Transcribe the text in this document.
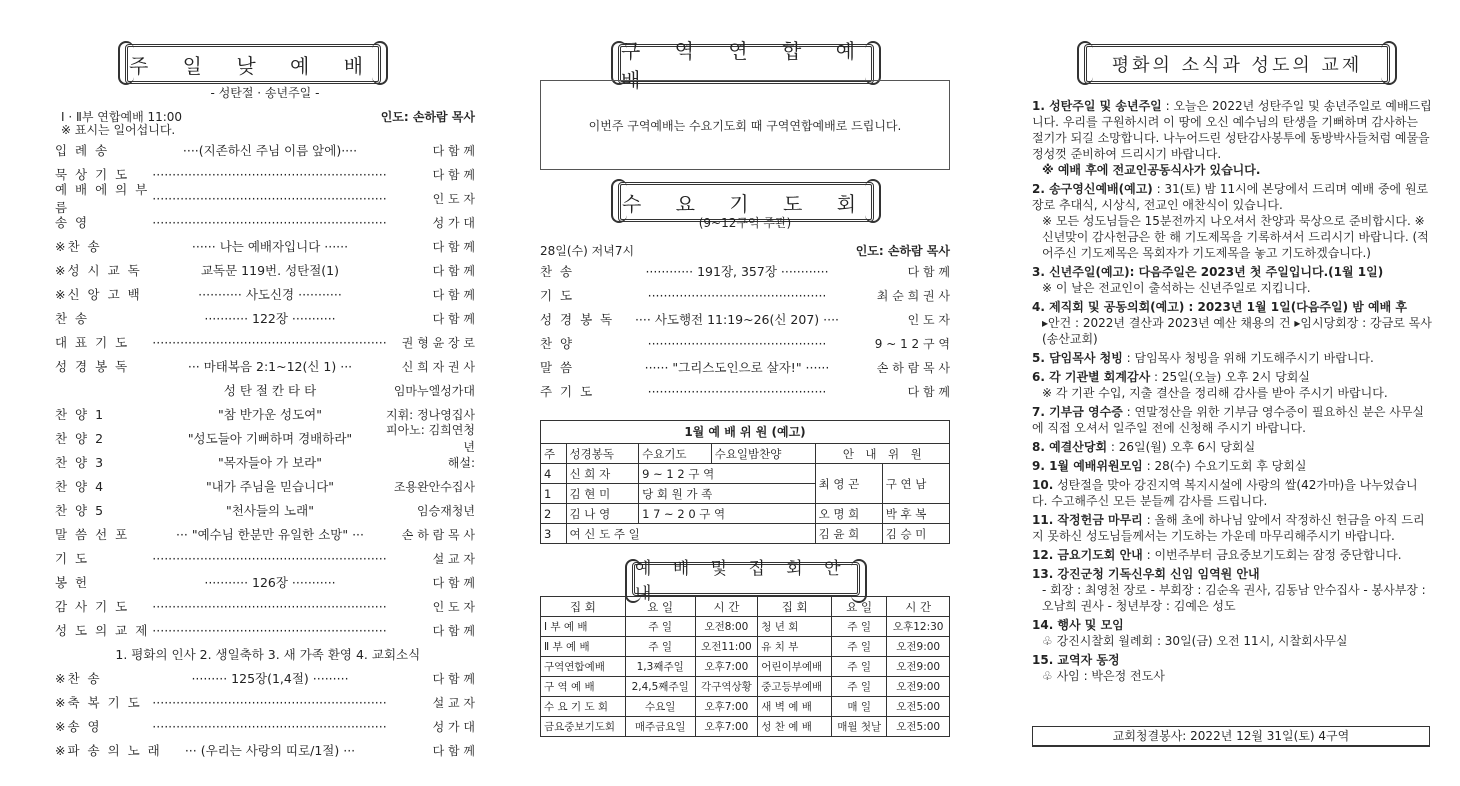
주 일 낮 예 배
- 성탄절 · 송년주일 -
Ⅰ · Ⅱ부 연합예배 11:00	인도: 손하람 목사
※ 표시는 일어섭니다.
입 례 송	····(지존하신 주님 이름 앞에)····	다 함 께
묵 상 기 도	···························································	다 함 께
예 배 에 의 부 름
···························································	인 도 자
송 영	···························································	성 가 대
※찬 송	······ 나는 예배자입니다 ······	다 함 께
※성 시 교 독	교독문 119번. 성탄절(1)	다 함 께
※신 앙 고 백	··········· 사도신경 ···········	다 함 께
찬 송	··········· 122장 ···········	다 함 께
대 표 기 도	···························································	권 형 윤 장 로
성 경 봉 독	··· 마태복음 2:1~12(신 1) ···	신 희 자 권 사
성 탄 절 칸 타 타	임마누엘성가대
찬 양 1	"참 반가운 성도여"	지휘: 정나영집사
찬 양 2	"성도들아 기뻐하며 경배하라"
피아노: 김희연청년
찬 양 3	"목자들아 가 보라"	해설:
찬 양 4	"내가 주님을 믿습니다"	조용완안수집사
찬 양 5	"천사들의 노래"	임승재청년
말 씀 선 포	··· "예수님 한분만 유일한 소망" ···	손 하 람 목 사
기 도	···························································	설 교 자
봉 헌	··········· 126장 ···········	다 함 께
감 사 기 도	···························································	인 도 자
성 도 의 교 제 ···························································	다 함 께
1. 평화의 인사 2. 생일축하 3. 새 가족 환영 4. 교회소식
※찬 송	········· 125장(1,4절) ·········	다 함 께
※축 복 기 도 ···························································	설 교 자
※송 영	···························································	성 가 대
※파 송 의 노 래	··· (우리는 사랑의 띠로/1절) ···	다 함 께
구 역 연 합 예 배
이번주 구역예배는 수요기도회 때 구역연합예배로 드립니다.
수 요 기 도 회
(9~12구역 주관)
28일(수) 저녁7시	인도: 손하람 목사
찬 송	············ 191장, 357장 ············	다 함 께
기 도	·············································	최 순 희 권 사
성 경 봉 독	···· 사도행전 11:19~26(신 207) ····	인 도 자
찬 양	·············································	9 ~ 1 2 구 역
말 씀	······ "그리스도인으로 살자!" ······	손 하 람 목 사
주 기 도	·············································	다 함 께
1월 예 배 위 원 (예고)
주	성경봉독	수요기도	수요일밤찬양	안　 내　 위　 원	
4	신 희 자	9 ~ 1 2 구 역		최 영 곤	구 연 남
1	김 현 미	당 회 원 가 족			
2	김 나 영	1 7 ~ 2 0 구 역		오 명 희	박 후 복
3	여 신 도 주 일			김 윤 희	김 승 미
예 배 및 집 회 안 내
집 회	요 일	시 간	집 회	요 일	시 간
Ⅰ 부 예 배	주 일	오전8:00	청 년 회	주 일	오후12:30
Ⅱ 부 예 배	주 일	오전11:00	유 치 부	주 일	오전9:00
구역연합예배	1,3째주일	오후7:00	어린이부예배	주 일	오전9:00
구 역 예 배	2,4,5째주일	각구역상황	중고등부예배	주 일	오전9:00
수 요 기 도 회	수요일	오후7:00	새 벽 예 배	매 일	오전5:00
금요중보기도회	매주금요일	오후7:00	성 찬 예 배	매월 첫날	오전5:00
평화의 소식과 성도의 교제

1. 성탄주일 및 송년주일 : 오늘은 2022년 성탄주일 및 송년주일로 예배드립니다. 우리를 구원하시려 이 땅에 오신 예수님의 탄생을 기뻐하며 감사하는 절기가 되길 소망합니다. 나누어드린 성탄감사봉투에 동방박사들처럼 예물을 정성껏 준비하여 드리시기 바랍니다.
※ 예배 후에 전교인공동식사가 있습니다.

2. 송구영신예배(예고) : 31(토) 밤 11시에 본당에서 드리며 예배 중에 원로장로 추대식, 시상식, 전교인 애찬식이 있습니다.
※ 모든 성도님들은 15분전까지 나오셔서 찬양과 묵상으로 준비합시다. ※ 신년맞이 감사헌금은 한 해 기도제목을 기록하셔서 드리시기 바랍니다. (적어주신 기도제목은 목회자가 기도제목을 놓고 기도하겠습니다.)

3. 신년주일(예고): 다음주일은 2023년 첫 주일입니다.(1월 1일)
※ 이 날은 전교인이 출석하는 신년주일로 지킵니다.

4. 제직회 및 공동의회(예고) : 2023년 1월 1일(다음주일) 밤 예배 후
▸안건 : 2022년 결산과 2023년 예산 채용의 건 ▸임시당회장 : 강금로 목사(송산교회)

5. 담임목사 청빙 : 담임목사 청빙을 위해 기도해주시기 바랍니다.

6. 각 기관별 회계감사 : 25일(오늘) 오후 2시 당회실
※ 각 기관 수입, 지출 결산을 정리해 감사를 받아 주시기 바랍니다.

7. 기부금 영수증 : 연말정산을 위한 기부금 영수증이 필요하신 분은 사무실에 직접 오셔서 일주일 전에 신청해 주시기 바랍니다.

8. 예결산당회 : 26일(월) 오후 6시 당회실

9. 1월 예배위원모임 : 28(수) 수요기도회 후 당회실

10. 성탄절을 맞아 강진지역 복지시설에 사랑의 쌀(42가마)을 나누었습니다. 수고해주신 모든 분들께 감사를 드립니다.

11. 작정헌금 마무리 : 올해 초에 하나님 앞에서 작정하신 헌금을 아직 드리지 못하신 성도님들께서는 기도하는 가운데 마무리해주시기 바랍니다.

12. 금요기도회 안내 : 이번주부터 금요중보기도회는 잠정 중단합니다.

13. 강진군청 기독신우회 신임 임역원 안내
- 회장 : 최영천 장로 - 부회장 : 김순옥 권사, 김동남 안수집사 - 봉사부장 : 오남희 권사 - 청년부장 : 김예은 성도

14. 행사 및 모임
♧ 강진시찰회 월례회 : 30일(금) 오전 11시, 시찰회사무실

15. 교역자 동정
♧ 사임 : 박은정 전도사

교회청결봉사: 2022년 12월 31일(토) 4구역
